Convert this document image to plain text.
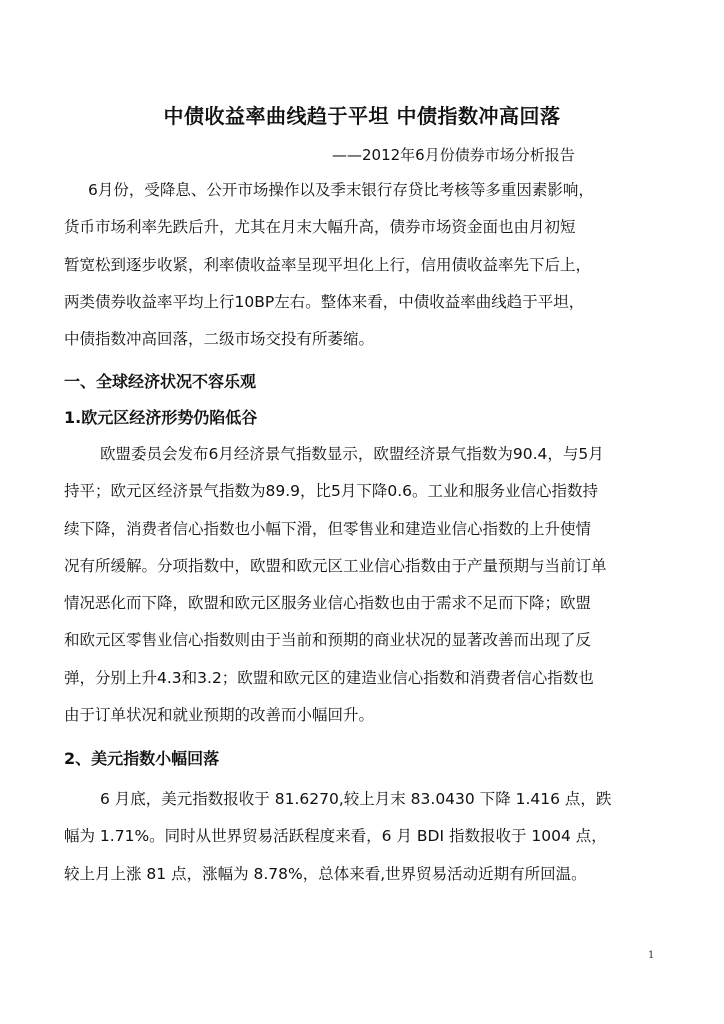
中债收益率曲线趋于平坦 中债指数冲高回落
——2012年6月份债券市场分析报告
6月份，受降息、公开市场操作以及季末银行存贷比考核等多重因素影响，
货币市场利率先跌后升，尤其在月末大幅升高，债券市场资金面也由月初短
暂宽松到逐步收紧，利率债收益率呈现平坦化上行，信用债收益率先下后上，
两类债券收益率平均上行10BP左右。整体来看，中债收益率曲线趋于平坦，
中债指数冲高回落，二级市场交投有所萎缩。
一、全球经济状况不容乐观
1.欧元区经济形势仍陷低谷
欧盟委员会发布6月经济景气指数显示，欧盟经济景气指数为90.4，与5月
持平；欧元区经济景气指数为89.9，比5月下降0.6。工业和服务业信心指数持
续下降，消费者信心指数也小幅下滑，但零售业和建造业信心指数的上升使情
况有所缓解。分项指数中，欧盟和欧元区工业信心指数由于产量预期与当前订单
情况恶化而下降，欧盟和欧元区服务业信心指数也由于需求不足而下降；欧盟
和欧元区零售业信心指数则由于当前和预期的商业状况的显著改善而出现了反
弹，分别上升4.3和3.2；欧盟和欧元区的建造业信心指数和消费者信心指数也
由于订单状况和就业预期的改善而小幅回升。
2、美元指数小幅回落
6 月底，美元指数报收于 81.6270,较上月末 83.0430 下降 1.416 点，跌
幅为 1.71%。同时从世界贸易活跃程度来看，6 月 BDI 指数报收于 1004 点，
较上月上涨 81 点，涨幅为 8.78%，总体来看,世界贸易活动近期有所回温。
1
